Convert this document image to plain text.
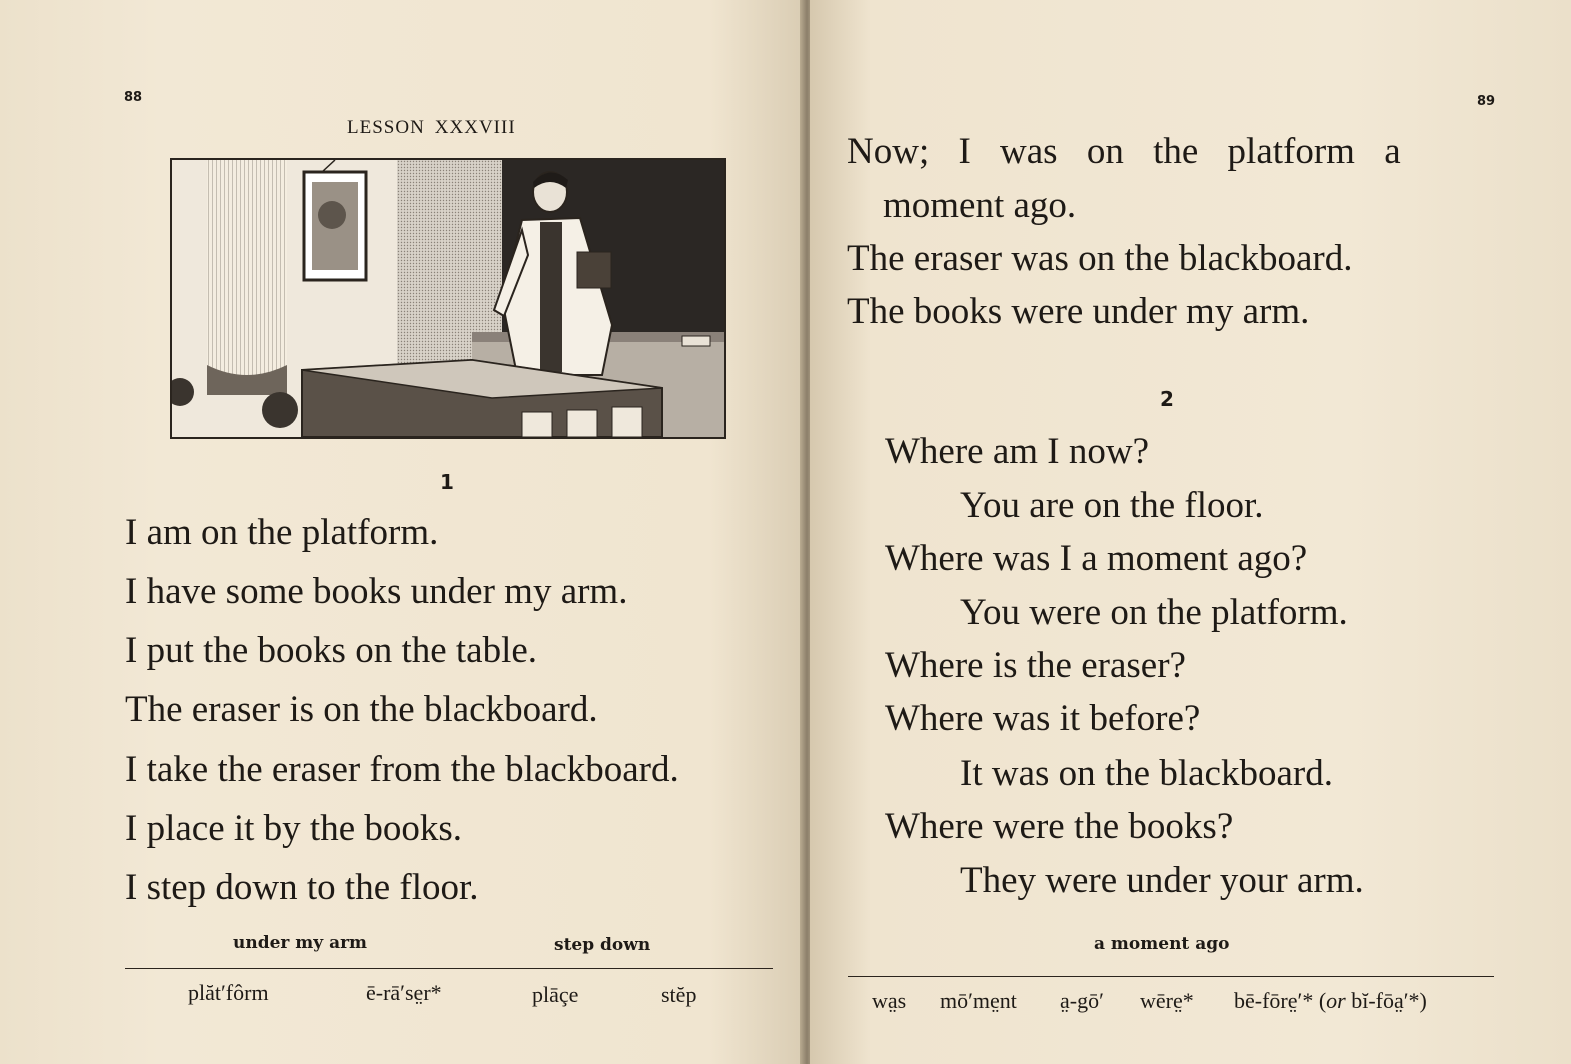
88
LESSON XXXVIII
1
I am on the platform.
I have some books under my arm.
I put the books on the table.
The eraser is on the blackboard.
I take the eraser from the blackboard.
I place it by the books.
I step down to the floor.
under my arm	step down
plăt′fôrm	ē-rā′se̤r*	plāçe	stĕp
89
Now; I was on the platform a
moment ago.
The eraser was on the blackboard.
The books were under my arm.
2
Where am I now?
You are on the floor.
Where was I a moment ago?
You were on the platform.
Where is the eraser?
Where was it before?
It was on the blackboard.
Where were the books?
They were under your arm.
a moment ago
wa̤s mō′me̤nt a̤-gō′ wēre̤* bē-fōre̤′* (or bĭ-fōa̤′*)
